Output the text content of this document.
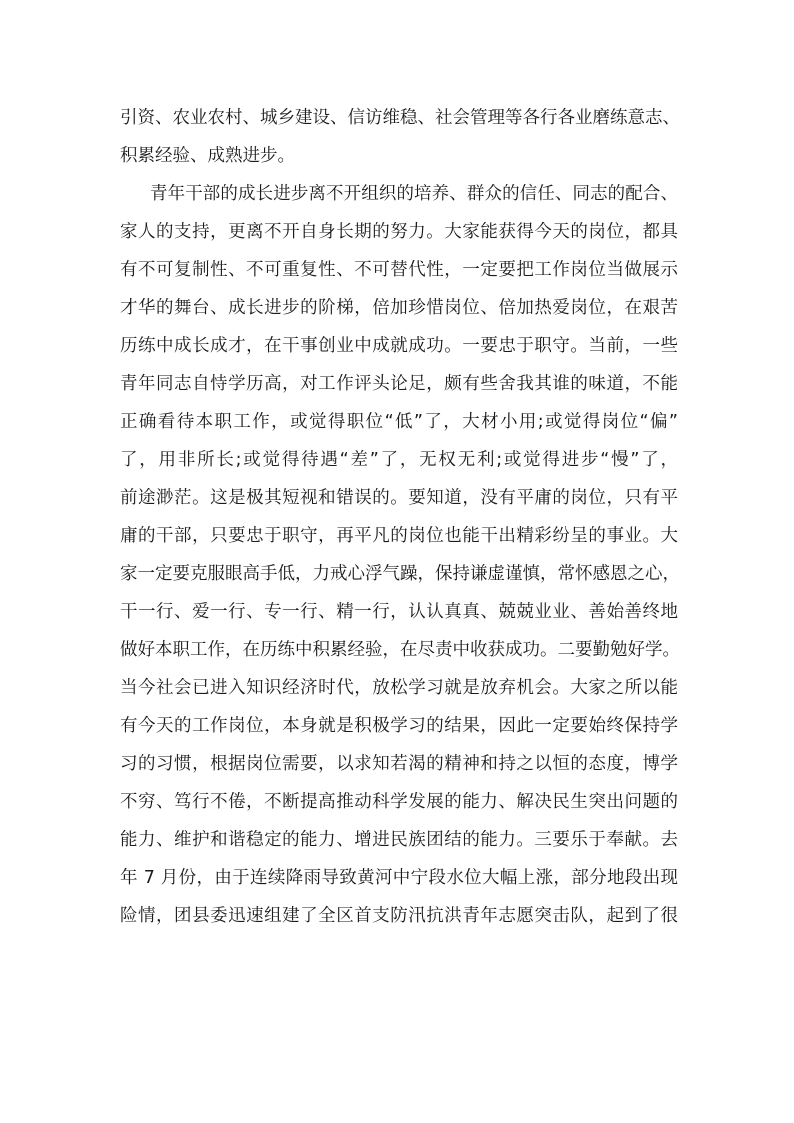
引资、农业农村、城乡建设、信访维稳、社会管理等各行各业磨练意志、
积累经验、成熟进步。
青年干部的成长进步离不开组织的培养、群众的信任、同志的配合、
家人的支持，更离不开自身长期的努力。大家能获得今天的岗位，都具
有不可复制性、不可重复性、不可替代性，一定要把工作岗位当做展示
才华的舞台、成长进步的阶梯，倍加珍惜岗位、倍加热爱岗位，在艰苦
历练中成长成才，在干事创业中成就成功。一要忠于职守。当前，一些
青年同志自恃学历高，对工作评头论足，颇有些舍我其谁的味道，不能
正确看待本职工作，或觉得职位“低”了，大材小用;或觉得岗位“偏”
了，用非所长;或觉得待遇“差”了，无权无利;或觉得进步“慢”了，
前途渺茫。这是极其短视和错误的。要知道，没有平庸的岗位，只有平
庸的干部，只要忠于职守，再平凡的岗位也能干出精彩纷呈的事业。大
家一定要克服眼高手低，力戒心浮气躁，保持谦虚谨慎，常怀感恩之心，
干一行、爱一行、专一行、精一行，认认真真、兢兢业业、善始善终地
做好本职工作，在历练中积累经验，在尽责中收获成功。二要勤勉好学。
当今社会已进入知识经济时代，放松学习就是放弃机会。大家之所以能
有今天的工作岗位，本身就是积极学习的结果，因此一定要始终保持学
习的习惯，根据岗位需要，以求知若渴的精神和持之以恒的态度，博学
不穷、笃行不倦，不断提高推动科学发展的能力、解决民生突出问题的
能力、维护和谐稳定的能力、增进民族团结的能力。三要乐于奉献。去
年 7 月份，由于连续降雨导致黄河中宁段水位大幅上涨，部分地段出现
险情，团县委迅速组建了全区首支防汛抗洪青年志愿突击队，起到了很
